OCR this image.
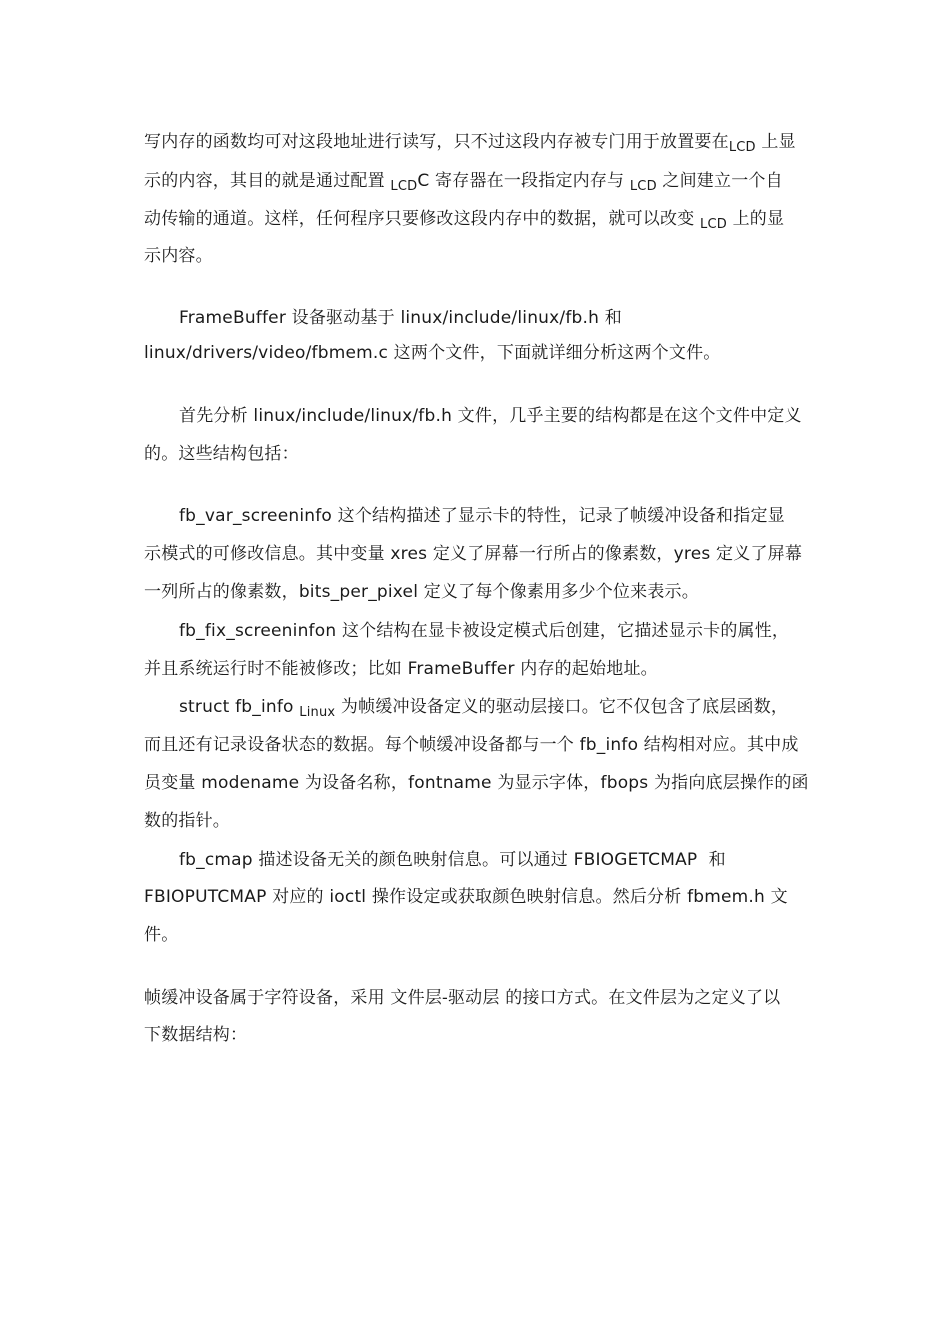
写内存的函数均可对这段地址进行读写，只不过这段内存被专门用于放置要在$_{LCD}$ 上显
示的内容，其目的就是通过配置 $_{LCD}$C 寄存器在一段指定内存与 $_{LCD}$ 之间建立一个自
动传输的通道。这样，任何程序只要修改这段内存中的数据，就可以改变 $_{LCD}$ 上的显
示内容。
FrameBuffer 设备驱动基于 linux/include/linux/fb.h 和
linux/drivers/video/fbmem.c 这两个文件，下面就详细分析这两个文件。
首先分析 linux/include/linux/fb.h 文件，几乎主要的结构都是在这个文件中定义
的。这些结构包括：
fb_var_screeninfo 这个结构描述了显示卡的特性，记录了帧缓冲设备和指定显
示模式的可修改信息。其中变量 xres 定义了屏幕一行所占的像素数，yres 定义了屏幕
一列所占的像素数，bits_per_pixel 定义了每个像素用多少个位来表示。
fb_fix_screeninfon 这个结构在显卡被设定模式后创建，它描述显示卡的属性，
并且系统运行时不能被修改；比如 FrameBuffer 内存的起始地址。
struct fb_info $_{Linux}$ 为帧缓冲设备定义的驱动层接口。它不仅包含了底层函数，
而且还有记录设备状态的数据。每个帧缓冲设备都与一个 fb_info 结构相对应。其中成
员变量 modename 为设备名称，fontname 为显示字体，fbops 为指向底层操作的函
数的指针。
fb_cmap 描述设备无关的颜色映射信息。可以通过 FBIOGETCMAP 和
FBIOPUTCMAP 对应的 ioctl 操作设定或获取颜色映射信息。然后分析 fbmem.h 文
件。
帧缓冲设备属于字符设备，采用 文件层-驱动层 的接口方式。在文件层为之定义了以
下数据结构：
